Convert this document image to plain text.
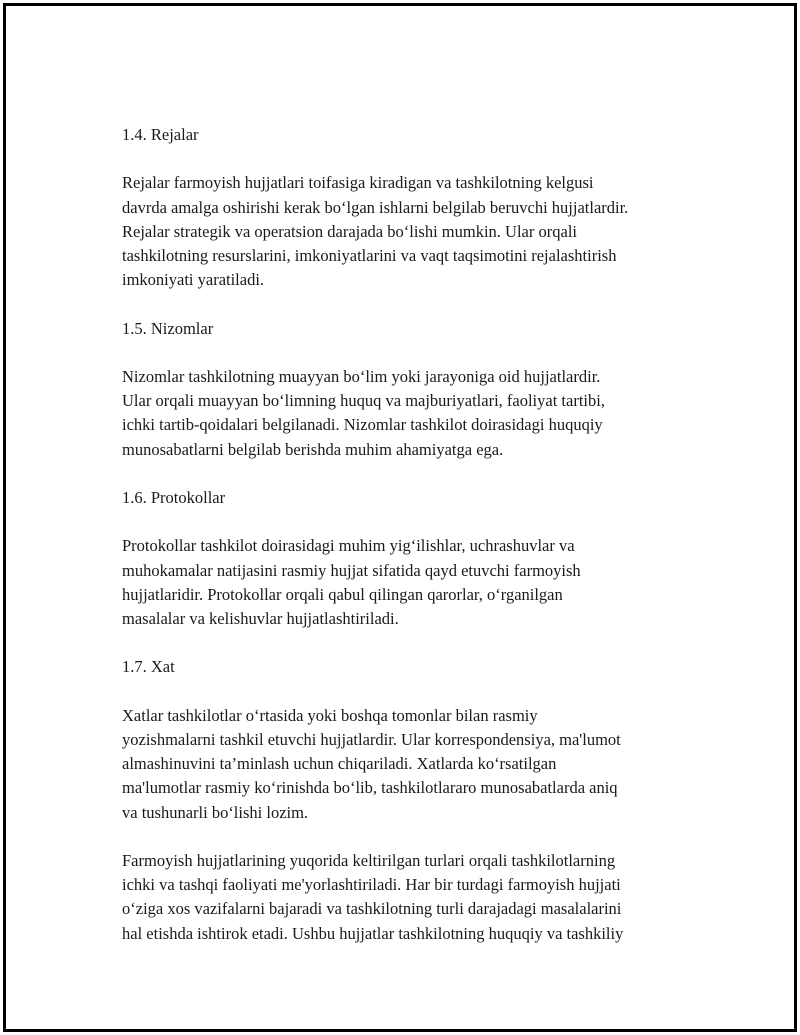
1.4. Rejalar

Rejalar farmoyish hujjatlari toifasiga kiradigan va tashkilotning kelgusi
davrda amalga oshirishi kerak bo‘lgan ishlarni belgilab beruvchi hujjatlardir.
Rejalar strategik va operatsion darajada bo‘lishi mumkin. Ular orqali
tashkilotning resurslarini, imkoniyatlarini va vaqt taqsimotini rejalashtirish
imkoniyati yaratiladi.

1.5. Nizomlar

Nizomlar tashkilotning muayyan bo‘lim yoki jarayoniga oid hujjatlardir.
Ular orqali muayyan bo‘limning huquq va majburiyatlari, faoliyat tartibi,
ichki tartib-qoidalari belgilanadi. Nizomlar tashkilot doirasidagi huquqiy
munosabatlarni belgilab berishda muhim ahamiyatga ega.

1.6. Protokollar

Protokollar tashkilot doirasidagi muhim yig‘ilishlar, uchrashuvlar va
muhokamalar natijasini rasmiy hujjat sifatida qayd etuvchi farmoyish
hujjatlaridir. Protokollar orqali qabul qilingan qarorlar, o‘rganilgan
masalalar va kelishuvlar hujjatlashtiriladi.

1.7. Xat

Xatlar tashkilotlar o‘rtasida yoki boshqa tomonlar bilan rasmiy
yozishmalarni tashkil etuvchi hujjatlardir. Ular korrespondensiya, ma'lumot
almashinuvini ta’minlash uchun chiqariladi. Xatlarda ko‘rsatilgan
ma'lumotlar rasmiy ko‘rinishda bo‘lib, tashkilotlararo munosabatlarda aniq
va tushunarli bo‘lishi lozim.

Farmoyish hujjatlarining yuqorida keltirilgan turlari orqali tashkilotlarning
ichki va tashqi faoliyati me'yorlashtiriladi. Har bir turdagi farmoyish hujjati
o‘ziga xos vazifalarni bajaradi va tashkilotning turli darajadagi masalalarini
hal etishda ishtirok etadi. Ushbu hujjatlar tashkilotning huquqiy va tashkiliy
